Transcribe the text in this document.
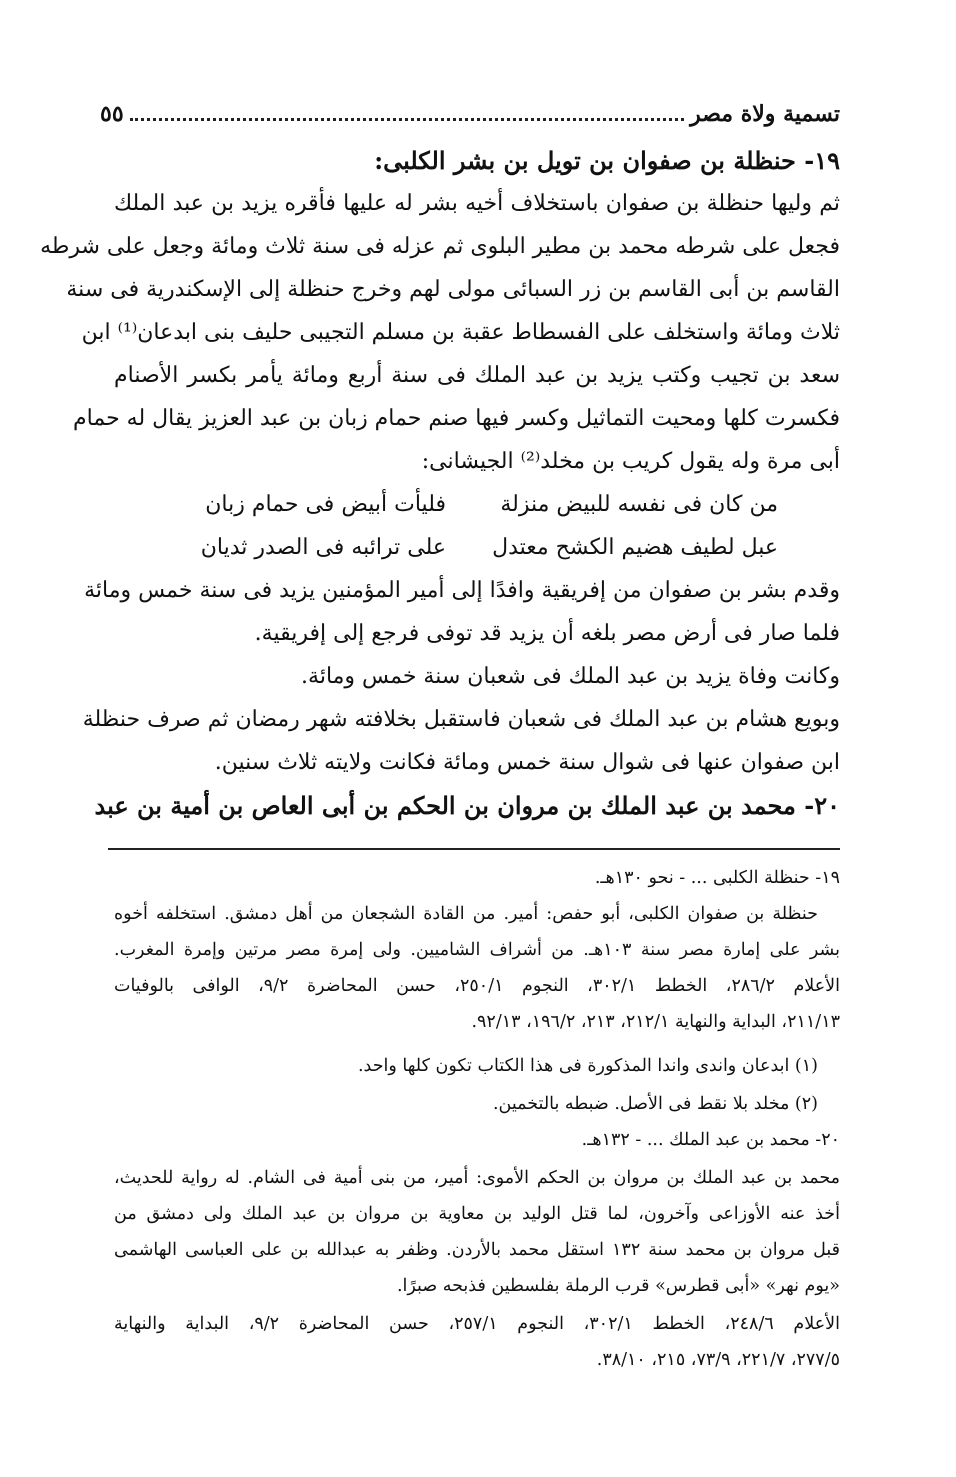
تسمية ولاة مصر
٥٥
١٩- حنظلة بن صفوان بن تويل بن بشر الكلبى:
ثم وليها حنظلة بن صفوان باستخلاف أخيه بشر له عليها فأقره يزيد بن عبد الملك
فجعل على شرطه محمد بن مطير البلوى ثم عزله فى سنة ثلاث ومائة وجعل على شرطه
القاسم بن أبى القاسم بن زر السبائى مولى لهم وخرج حنظلة إلى الإسكندرية فى سنة
ثلاث ومائة واستخلف على الفسطاط عقبة بن مسلم التجيبى حليف بنى ابدعان⁽¹⁾ ابن
سعد بن تجيب وكتب يزيد بن عبد الملك فى سنة أربع ومائة يأمر بكسر الأصنام
فكسرت كلها ومحيت التماثيل وكسر فيها صنم حمام زبان بن عبد العزيز يقال له حمام
أبى مرة وله يقول كريب بن مخلد⁽²⁾ الجيشانى:
من كان فى نفسه للبيض منزلة
فليأت أبيض فى حمام زبان
عبل لطيف هضيم الكشح معتدل
على ترائبه فى الصدر ثديان
وقدم بشر بن صفوان من إفريقية وافدًا إلى أمير المؤمنين يزيد فى سنة خمس ومائة
فلما صار فى أرض مصر بلغه أن يزيد قد توفى فرجع إلى إفريقية.
وكانت وفاة يزيد بن عبد الملك فى شعبان سنة خمس ومائة.
وبويع هشام بن عبد الملك فى شعبان فاستقبل بخلافته شهر رمضان ثم صرف حنظلة
ابن صفوان عنها فى شوال سنة خمس ومائة فكانت ولايته ثلاث سنين.
٢٠- محمد بن عبد الملك بن مروان بن الحكم بن أبى العاص بن أمية بن عبد
١٩- حنظلة الكلبى ... - نحو ١٣٠هـ.
حنظلة بن صفوان الكلبى، أبو حفص: أمير. من القادة الشجعان من أهل دمشق. استخلفه أخوه
بشر على إمارة مصر سنة ١٠٣هـ. من أشراف الشاميين. ولى إمرة مصر مرتين وإمرة المغرب.
الأعلام ٢٨٦/٢، الخطط ٣٠٢/١، النجوم ٢٥٠/١، حسن المحاضرة ٩/٢، الوافى بالوفيات
٢١١/١٣، البداية والنهاية ٢١٢/١، ٢١٣، ١٩٦/٢، ٩٢/١٣.
(١) ابدعان واندى واندا المذكورة فى هذا الكتاب تكون كلها واحد.
(٢) مخلد بلا نقط فى الأصل. ضبطه بالتخمين.
٢٠- محمد بن عبد الملك ... - ١٣٢هـ.
محمد بن عبد الملك بن مروان بن الحكم الأموى: أمير، من بنى أمية فى الشام. له رواية للحديث،
أخذ عنه الأوزاعى وآخرون، لما قتل الوليد بن معاوية بن مروان بن عبد الملك ولى دمشق من
قبل مروان بن محمد سنة ١٣٢ استقل محمد بالأردن. وظفر به عبدالله بن على العباسى الهاشمى
«يوم نهر» «أبى قطرس» قرب الرملة بفلسطين فذبحه صبرًا.
الأعلام ٢٤٨/٦، الخطط ٣٠٢/١، النجوم ٢٥٧/١، حسن المحاضرة ٩/٢، البداية والنهاية
٢٧٧/٥، ٢٢١/٧، ٧٣/٩، ٢١٥، ٣٨/١٠.
